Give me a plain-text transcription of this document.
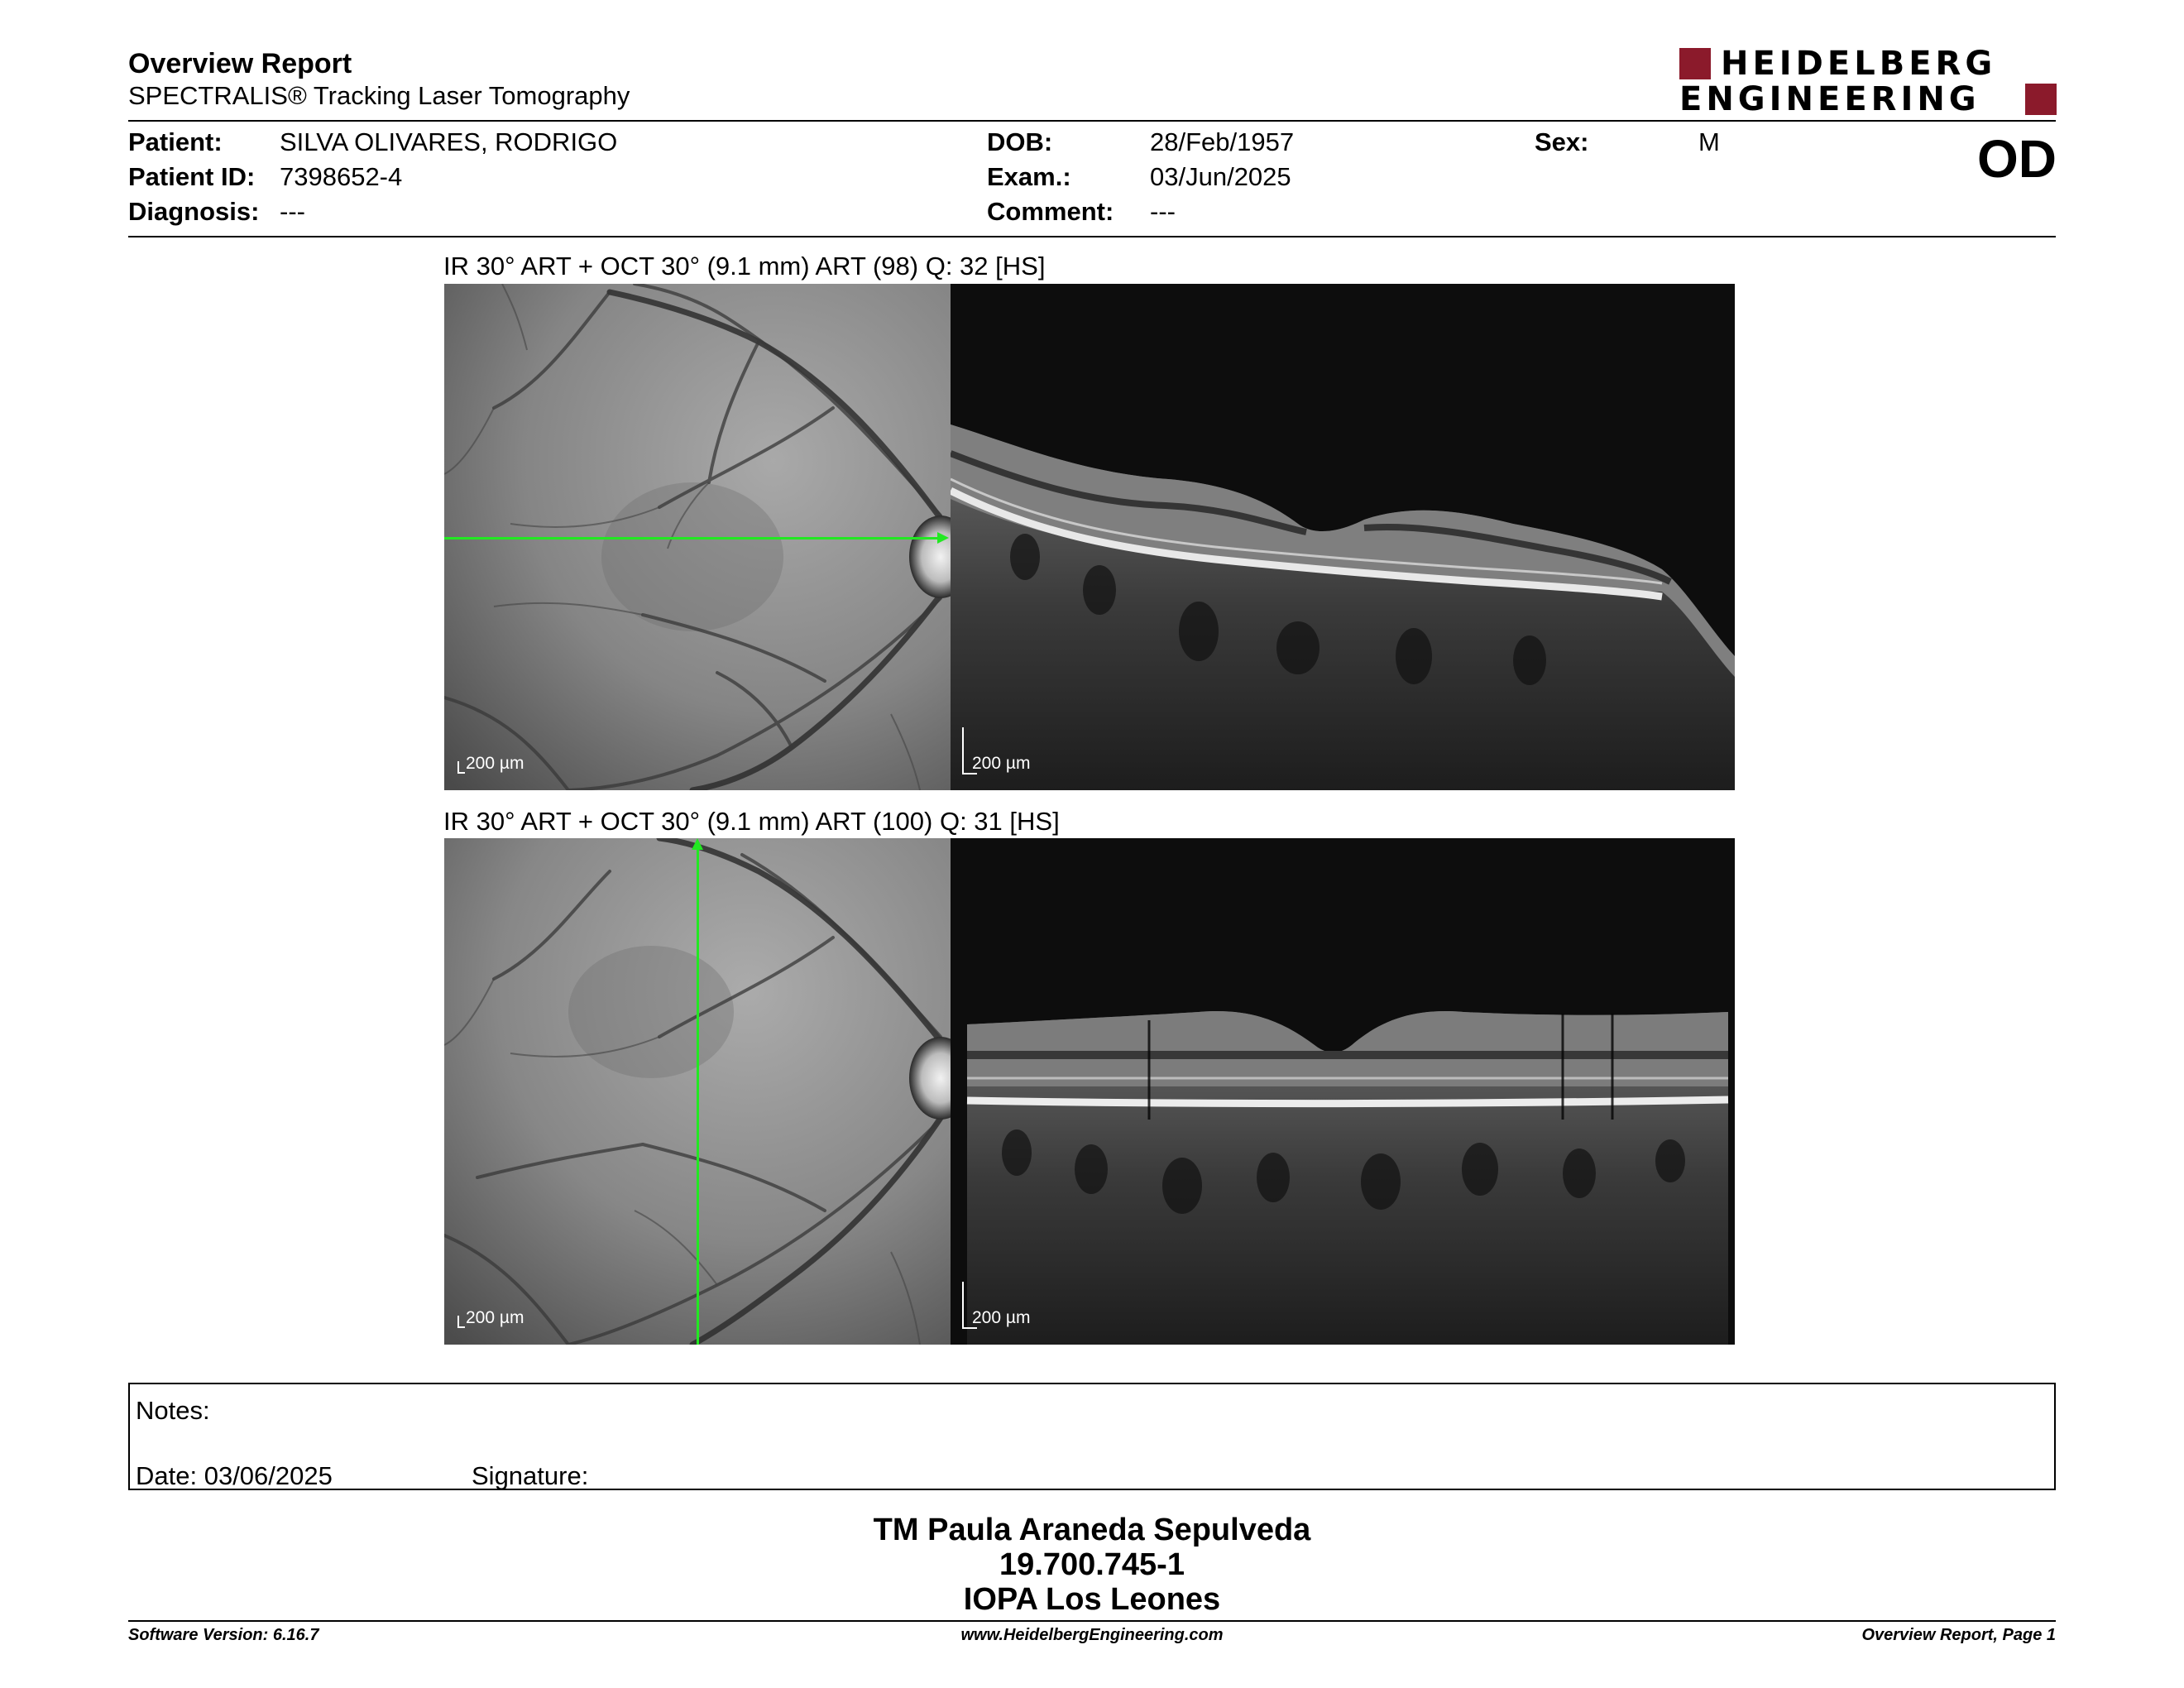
Overview Report
SPECTRALIS® Tracking Laser Tomography
HEIDELBERG
ENGINEERING
Patient: SILVA OLIVARES, RODRIGO
Patient ID: 7398652-4
Diagnosis: ---
DOB:	28/Feb/1957
Exam.:	03/Jun/2025
Comment: ---
Sex:	M	OD
IR 30° ART + OCT 30° (9.1 mm) ART (98) Q: 32 [HS]
200 µm	200 µm
IR 30° ART + OCT 30° (9.1 mm) ART (100) Q: 31 [HS]
200 µm	200 µm
Notes:
Date: 03/06/2025	Signature:
TM Paula Araneda Sepulveda
19.700.745-1
IOPA Los Leones
Software Version: 6.16.7	www.HeidelbergEngineering.com	Overview Report, Page 1
